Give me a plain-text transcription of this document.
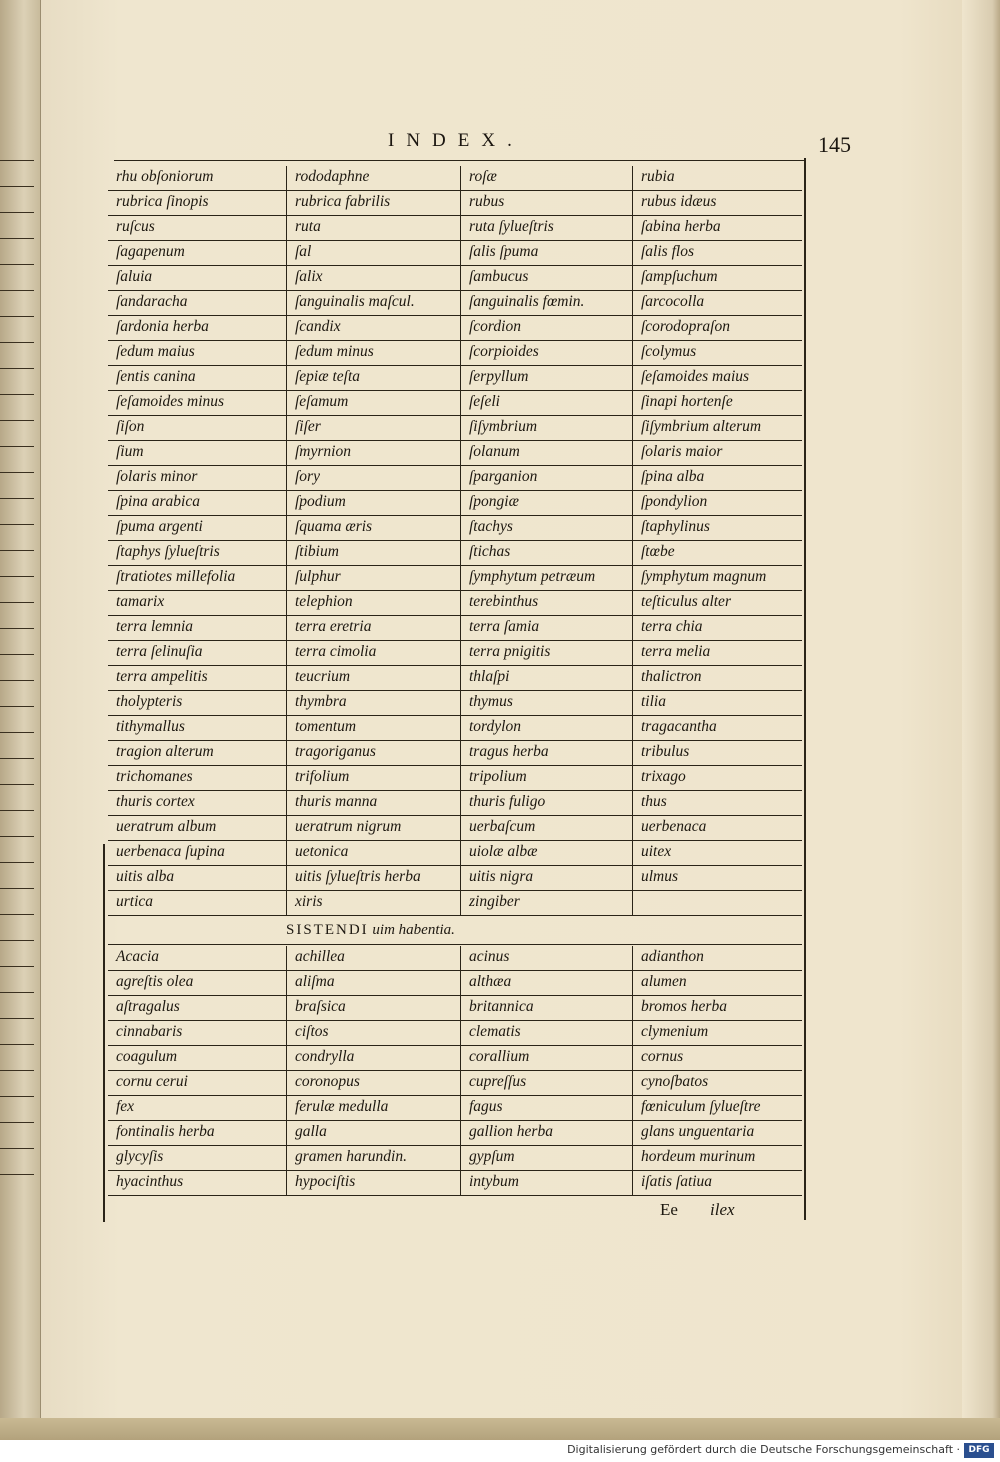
INDEX.	145
rhu obſoniorum	rododaphne	roſæ	rubia
rubrica ſinopis	rubrica fabrilis	rubus	rubus idæus
ruſcus	ruta	ruta ſylueſtris	ſabina herba
ſagapenum	ſal	ſalis ſpuma	ſalis flos
ſaluia	ſalix	ſambucus	ſampſuchum
ſandaracha	ſanguinalis maſcul.	ſanguinalis fœmin.	ſarcocolla
ſardonia herba	ſcandix	ſcordion	ſcorodopraſon
ſedum maius	ſedum minus	ſcorpioides	ſcolymus
ſentis canina	ſepiæ teſta	ſerpyllum	ſeſamoides maius
ſeſamoides minus	ſeſamum	ſeſeli	ſinapi hortenſe
ſiſon	ſiſer	ſiſymbrium	ſiſymbrium alterum
ſium	ſmyrnion	ſolanum	ſolaris maior
ſolaris minor	ſory	ſparganion	ſpina alba
ſpina arabica	ſpodium	ſpongiæ	ſpondylion
ſpuma argenti	ſquama æris	ſtachys	ſtaphylinus
ſtaphys ſylueſtris	ſtibium	ſtichas	ſtœbe
ſtratiotes millefolia	ſulphur	ſymphytum petræum	ſymphytum magnum
tamarix	telephion	terebinthus	teſticulus alter
terra lemnia	terra eretria	terra ſamia	terra chia
terra ſelinuſia	terra cimolia	terra pnigitis	terra melia
terra ampelitis	teucrium	thlaſpi	thalictron
tholypteris	thymbra	thymus	tilia
tithymallus	tomentum	tordylon	tragacantha
tragion alterum	tragoriganus	tragus herba	tribulus
trichomanes	trifolium	tripolium	trixago
thuris cortex	thuris manna	thuris fuligo	thus
ueratrum album	ueratrum nigrum	uerbaſcum	uerbenaca
uerbenaca ſupina	uetonica	uiolæ albæ	uitex
uitis alba	uitis ſylueſtris herba	uitis nigra	ulmus
urtica	xiris	zingiber
SISTENDI uim habentia.
Acacia	achillea	acinus	adianthon
agreſtis olea	aliſma	althæa	alumen
aſtragalus	braſsica	britannica	bromos herba
cinnabaris	ciſtos	clematis	clymenium
coagulum	condrylla	corallium	cornus
cornu cerui	coronopus	cupreſſus	cynoſbatos
fex	ferulæ medulla	fagus	fœniculum ſylueſtre
fontinalis herba	galla	gallion herba	glans unguentaria
glycyſis	gramen harundin.	gypſum	hordeum murinum
hyacinthus	hypociſtis	intybum	iſatis ſatiua
Ee ilex
Digitalisierung gefördert durch die Deutsche Forschungsgemeinschaft · DFG
